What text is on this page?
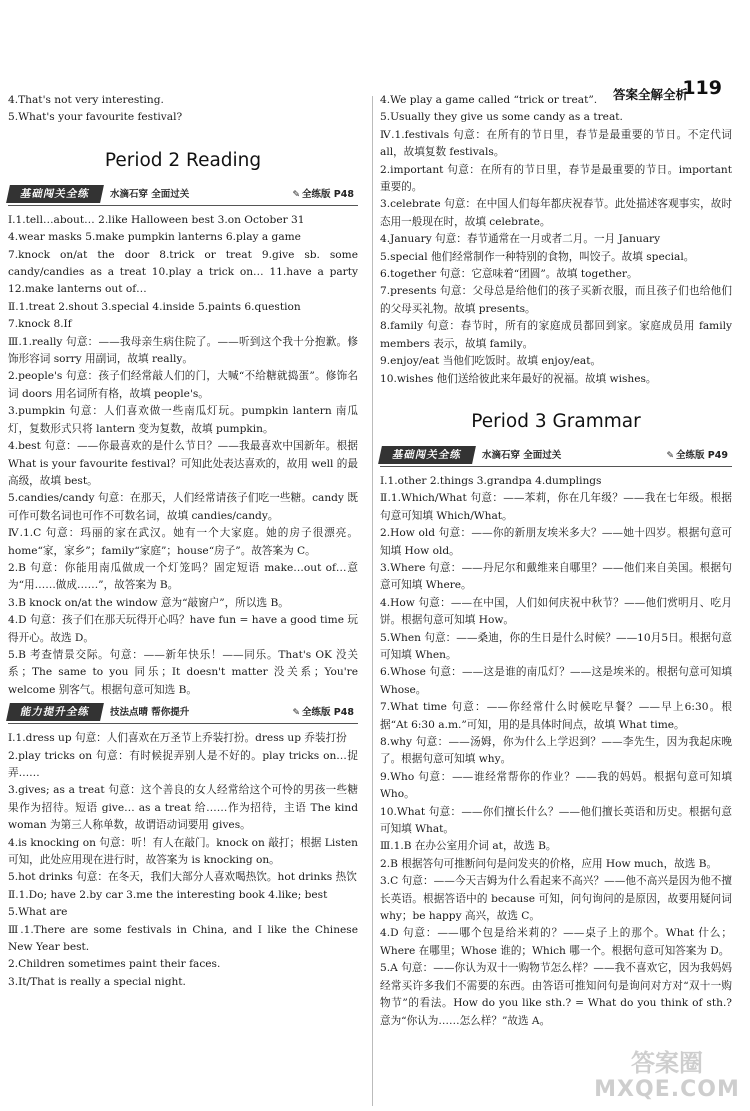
答案全解全析
119

4.That's not very interesting.

5.What's your favourite festival?

Period 2 Reading
基础闯关全练	水滴石穿 全面过关	✎ 全练版 P48

Ⅰ.1.tell…about… 2.like Halloween best 3.on October 31

4.wear masks 5.make pumpkin lanterns 6.play a game

7.knock on/at the door 8.trick or treat 9.give sb. some candy/candies as a treat 10.play a trick on… 11.have a party 12.make lanterns out of…

Ⅱ.1.treat 2.shout 3.special 4.inside 5.paints 6.question

7.knock 8.If

Ⅲ.1.really 句意：——我母亲生病住院了。——听到这个我十分抱歉。修饰形容词 sorry 用副词，故填 really。

2.people's 句意：孩子们经常敲人们的门，大喊“不给糖就捣蛋”。修饰名词 doors 用名词所有格，故填 people's。

3.pumpkin 句意：人们喜欢做一些南瓜灯玩。pumpkin lantern 南瓜灯，复数形式只将 lantern 变为复数，故填 pumpkin。

4.best 句意：——你最喜欢的是什么节日？——我最喜欢中国新年。根据 What is your favourite festival？可知此处表达喜欢的，故用 well 的最高级，故填 best。

5.candies/candy 句意：在那天，人们经常请孩子们吃一些糖。candy 既可作可数名词也可作不可数名词，故填 candies/candy。

Ⅳ.1.C 句意：玛丽的家在武汉。她有一个大家庭。她的房子很漂亮。home“家，家乡”；family“家庭”；house“房子”。故答案为 C。

2.B 句意：你能用南瓜做成一个灯笼吗？固定短语 make…out of…意为“用……做成……”，故答案为 B。

3.B knock on/at the window 意为“敲窗户”，所以选 B。

4.D 句意：孩子们在那天玩得开心吗？have fun = have a good time 玩得开心。故选 D。

5.B 考查情景交际。句意：——新年快乐！——同乐。That's OK 没关系；The same to you 同乐；It doesn't matter 没关系；You're welcome 别客气。根据句意可知选 B。

能力提升全练	技法点晴 帮你提升	✎ 全练版 P48

Ⅰ.1.dress up 句意：人们喜欢在万圣节上乔装打扮。dress up 乔装打扮

2.play tricks on 句意：有时候捉弄别人是不好的。play tricks on…捉弄……

3.gives; as a treat 句意：这个善良的女人经常给这个可怜的男孩一些糖果作为招待。短语 give… as a treat 给……作为招待，主语 The kind woman 为第三人称单数，故谓语动词要用 gives。

4.is knocking on 句意：听！有人在敲门。knock on 敲打；根据 Listen 可知，此处应用现在进行时，故答案为 is knocking on。

5.hot drinks 句意：在冬天，我们大部分人喜欢喝热饮。hot drinks 热饮

Ⅱ.1.Do; have 2.by car 3.me the interesting book 4.like; best

5.What are

Ⅲ.1.There are some festivals in China, and I like the Chinese New Year best.

2.Children sometimes paint their faces.

3.It/That is really a special night.

4.We play a game called “trick or treat”.

5.Usually they give us some candy as a treat.

Ⅳ.1.festivals 句意：在所有的节日里，春节是最重要的节日。不定代词 all，故填复数 festivals。

2.important 句意：在所有的节日里，春节是最重要的节日。important 重要的。

3.celebrate 句意：在中国人们每年都庆祝春节。此处描述客观事实，故时态用一般现在时，故填 celebrate。

4.January 句意：春节通常在一月或者二月。一月 January

5.special 他们经常制作一种特别的食物，叫饺子。故填 special。

6.together 句意：它意味着“团圆”。故填 together。

7.presents 句意：父母总是给他们的孩子买新衣服，而且孩子们也给他们的父母买礼物。故填 presents。

8.family 句意：春节时，所有的家庭成员都回到家。家庭成员用 family members 表示，故填 family。

9.enjoy/eat 当他们吃饭时。故填 enjoy/eat。

10.wishes 他们送给彼此来年最好的祝福。故填 wishes。

Period 3 Grammar
基础闯关全练	水滴石穿 全面过关	✎ 全练版 P49

Ⅰ.1.other 2.things 3.grandpa 4.dumplings

Ⅱ.1.Which/What 句意：——苯莉，你在几年级？——我在七年级。根据句意可知填 Which/What。

2.How old 句意：——你的新朋友埃米多大？——她十四岁。根据句意可知填 How old。

3.Where 句意：——丹尼尔和戴维来自哪里？——他们来自美国。根据句意可知填 Where。

4.How 句意：——在中国，人们如何庆祝中秋节？——他们赏明月、吃月饼。根据句意可知填 How。

5.When 句意：——桑迪，你的生日是什么时候？——10月5日。根据句意可知填 When。

6.Whose 句意：——这是谁的南瓜灯？——这是埃米的。根据句意可知填 Whose。

7.What time 句意：——你经常什么时候吃早餐？——早上6:30。根据“At 6:30 a.m.”可知，用的是具体时间点，故填 What time。

8.why 句意：——汤姆，你为什么上学迟到？——李先生，因为我起床晚了。根据句意可知填 why。

9.Who 句意：——谁经常帮你的作业？——我的妈妈。根据句意可知填 Who。

10.What 句意：——你们擅长什么？——他们擅长英语和历史。根据句意可知填 What。

Ⅲ.1.B 在办公室用介词 at，故选 B。

2.B 根据答句可推断问句是问发夹的价格，应用 How much，故选 B。

3.C 句意：——今天吉姆为什么看起来不高兴？——他不高兴是因为他不擅长英语。根据答语中的 because 可知，问句询问的是原因，故要用疑问词 why；be happy 高兴，故选 C。

4.D 句意：——哪个包是给米莉的？——桌子上的那个。What 什么；Where 在哪里；Whose 谁的；Which 哪一个。根据句意可知答案为 D。

5.A 句意：——你认为双十一购物节怎么样？——我不喜欢它，因为我妈妈经常买许多我们不需要的东西。由答语可推知问句是询问对方对“双十一购物节”的看法。How do you like sth.? = What do you think of sth.? 意为“你认为……怎么样？”故选 A。

答案圈
MXQE.COM
